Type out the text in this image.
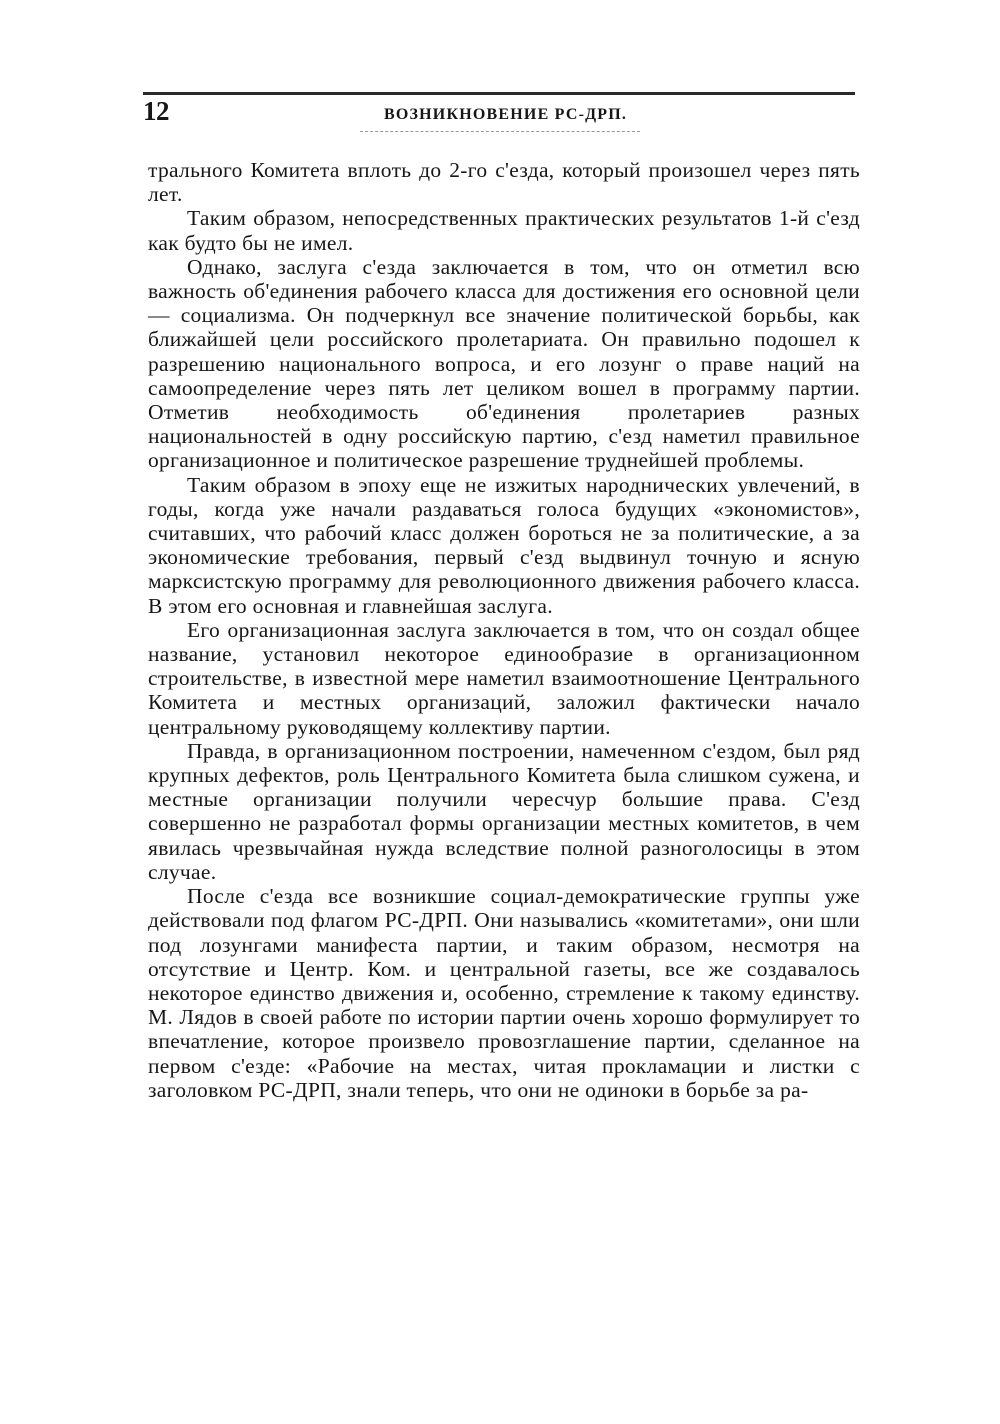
12	ВОЗНИКНОВЕНИЕ РС-ДРП.

трального Комитета вплоть до 2-го с'езда, который произошел через пять лет.

Таким образом, непосредственных практических результатов 1-й с'езд как будто бы не имел.

Однако, заслуга с'езда заключается в том, что он отметил всю важность об'единения рабочего класса для достижения его основной цели — социализма. Он подчеркнул все значение политической борьбы, как ближайшей цели российского пролетариата. Он правильно подошел к разрешению национального вопроса, и его лозунг о праве наций на самоопределение через пять лет целиком вошел в программу партии. Отметив необходимость об'единения пролетариев разных национальностей в одну российскую партию, с'езд наметил правильное организационное и политическое разрешение труднейшей проблемы.

Таким образом в эпоху еще не изжитых народнических увлечений, в годы, когда уже начали раздаваться голоса будущих «экономистов», считавших, что рабочий класс должен бороться не за политические, а за экономические требования, первый с'езд выдвинул точную и ясную марксистскую программу для революционного движения рабочего класса. В этом его основная и главнейшая заслуга.

Его организационная заслуга заключается в том, что он создал общее название, установил некоторое единообразие в организационном строительстве, в известной мере наметил взаимоотношение Центрального Комитета и местных организаций, заложил фактически начало центральному руководящему коллективу партии.

Правда, в организационном построении, намеченном с'ездом, был ряд крупных дефектов, роль Центрального Комитета была слишком сужена, и местные организации получили чересчур большие права. С'езд совершенно не разработал формы организации местных комитетов, в чем явилась чрезвычайная нужда вследствие полной разноголосицы в этом случае.

После с'езда все возникшие социал-демократические группы уже действовали под флагом РС-ДРП. Они назывались «комитетами», они шли под лозунгами манифеста партии, и таким образом, несмотря на отсутствие и Центр. Ком. и центральной газеты, все же создавалось некоторое единство движения и, особенно, стремление к такому единству. М. Лядов в своей работе по истории партии очень хорошо формулирует то впечатление, которое произвело провозглашение партии, сделанное на первом с'езде: «Рабочие на местах, читая прокламации и листки с заголовком РС-ДРП, знали теперь, что они не одиноки в борьбе за ра-
